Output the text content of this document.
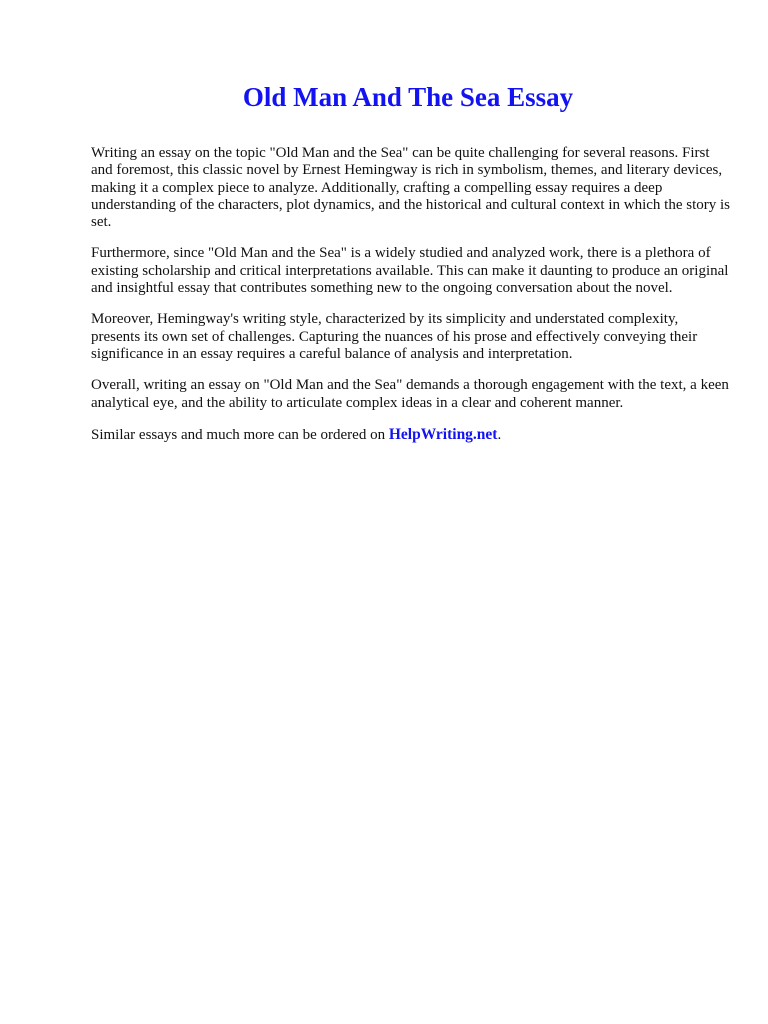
Old Man And The Sea Essay

Writing an essay on the topic "Old Man and the Sea" can be quite challenging for several reasons. First and foremost, this classic novel by Ernest Hemingway is rich in symbolism, themes, and literary devices, making it a complex piece to analyze. Additionally, crafting a compelling essay requires a deep understanding of the characters, plot dynamics, and the historical and cultural context in which the story is set.

Furthermore, since "Old Man and the Sea" is a widely studied and analyzed work, there is a plethora of existing scholarship and critical interpretations available. This can make it daunting to produce an original and insightful essay that contributes something new to the ongoing conversation about the novel.

Moreover, Hemingway's writing style, characterized by its simplicity and understated complexity, presents its own set of challenges. Capturing the nuances of his prose and effectively conveying their significance in an essay requires a careful balance of analysis and interpretation.

Overall, writing an essay on "Old Man and the Sea" demands a thorough engagement with the text, a keen analytical eye, and the ability to articulate complex ideas in a clear and coherent manner.

Similar essays and much more can be ordered on HelpWriting.net.
